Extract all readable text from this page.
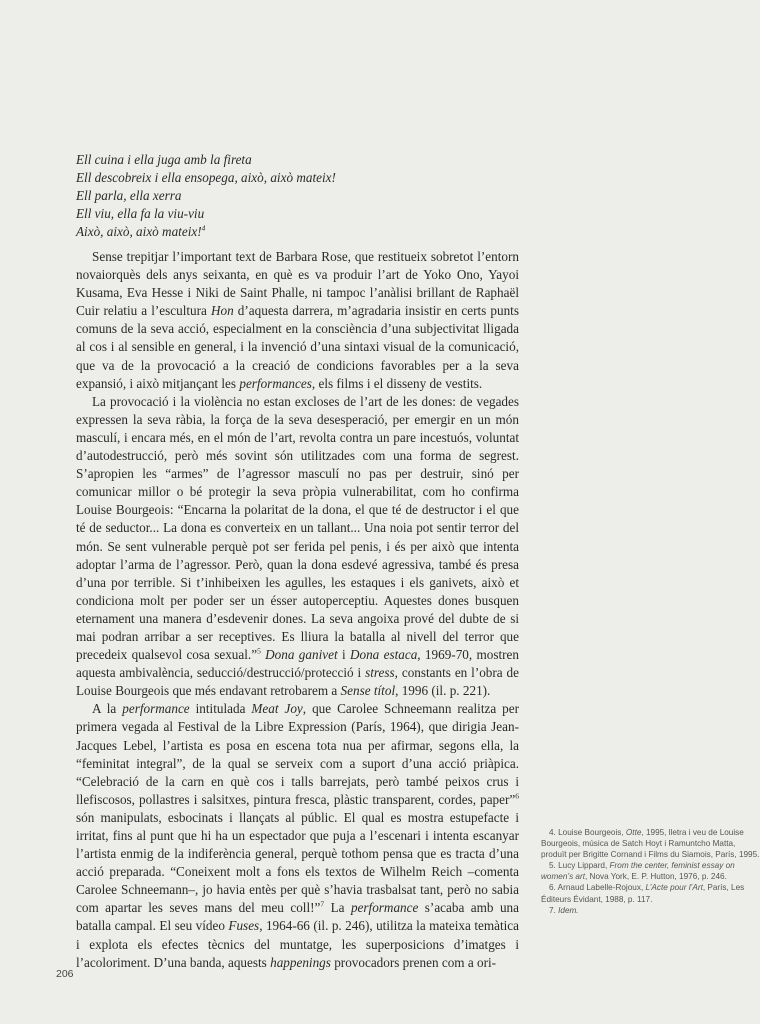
Ell cuina i ella juga amb la fireta
Ell descobreix i ella ensopega, això, això mateix!
Ell parla, ella xerra
Ell viu, ella fa la viu-viu
Això, això, això mateix!$^4$

Sense trepitjar l’important text de Barbara Rose, que restitueix sobretot l’entorn novaiorquès dels anys seixanta, en què es va produir l’art de Yoko Ono, Yayoi Kusama, Eva Hesse i Niki de Saint Phalle, ni tampoc l’anàlisi brillant de Raphaël Cuir relatiu a l’escultura Hon d’aquesta darrera, m’agradaria insistir en certs punts comuns de la seva acció, especialment en la consciència d’una subjectivitat lligada al cos i al sensible en general, i la invenció d’una sintaxi visual de la comunicació, que va de la provocació a la creació de condicions favorables per a la seva expansió, i això mitjançant les performances, els films i el disseny de vestits.

La provocació i la violència no estan excloses de l’art de les dones: de vegades expressen la seva ràbia, la força de la seva desesperació, per emergir en un món masculí, i encara més, en el món de l’art, revolta contra un pare incestuós, voluntat d’autodestrucció, però més sovint són utilitzades com una forma de segrest. S’apropien les “armes” de l’agressor masculí no pas per destruir, sinó per comunicar millor o bé protegir la seva pròpia vulnerabilitat, com ho confirma Louise Bourgeois: “Encarna la polaritat de la dona, el que té de destructor i el que té de seductor... La dona es converteix en un tallant... Una noia pot sentir terror del món. Se sent vulnerable perquè pot ser ferida pel penis, i és per això que intenta adoptar l’arma de l’agressor. Però, quan la dona esdevé agressiva, també és presa d’una por terrible. Si t’inhibeixen les agulles, les estaques i els ganivets, això et condiciona molt per poder ser un ésser autoperceptiu. Aquestes dones busquen eternament una manera d’esdevenir dones. La seva angoixa prové del dubte de si mai podran arribar a ser receptives. Es lliura la batalla al nivell del terror que precedeix qualsevol cosa sexual.”$^5$ Dona ganivet i Dona estaca, 1969-70, mostren aquesta ambivalència, seducció/destrucció/protecció i stress, constants en l’obra de Louise Bourgeois que més endavant retrobarem a Sense títol, 1996 (il. p. 221).

A la performance intitulada Meat Joy, que Carolee Schneemann realitza per primera vegada al Festival de la Libre Expression (París, 1964), que dirigia Jean-Jacques Lebel, l’artista es posa en escena tota nua per afirmar, segons ella, la “feminitat integral”, de la qual se serveix com a suport d’una acció priàpica. “Celebració de la carn en què cos i talls barrejats, però també peixos crus i llefiscosos, pollastres i salsitxes, pintura fresca, plàstic transparent, cordes, paper”$^6$ són manipulats, esbocinats i llançats al públic. El qual es mostra estupefacte i irritat, fins al punt que hi ha un espectador que puja a l’escenari i intenta escanyar l’artista enmig de la indiferència general, perquè tothom pensa que es tracta d’una acció preparada. “Coneixent molt a fons els textos de Wilhelm Reich –comenta Carolee Schneemann–, jo havia entès per què s’havia trasbalsat tant, però no sabia com apartar les seves mans del meu coll!”$^7$ La performance s’acaba amb una batalla campal. El seu vídeo Fuses, 1964-66 (il. p. 246), utilitza la mateixa temàtica i explota els efectes tècnics del muntatge, les superposicions d’imatges i l’acoloriment. D’una banda, aquests happenings provocadors prenen com a ori-

4. Louise Bourgeois, Otte, 1995, lletra i veu de Louise Bourgeois, música de Satch Hoyt i Ramuntcho Matta, produït per Brigitte Cornand i Films du Siamois, París, 1995.

5. Lucy Lippard, From the center, feminist essay on women’s art, Nova York, E. P. Hutton, 1976, p. 246.

6. Arnaud Labelle-Rojoux, L’Acte pour l’Art, París, Les Éditeurs Évidant, 1988, p. 117.

7. Idem.

206
